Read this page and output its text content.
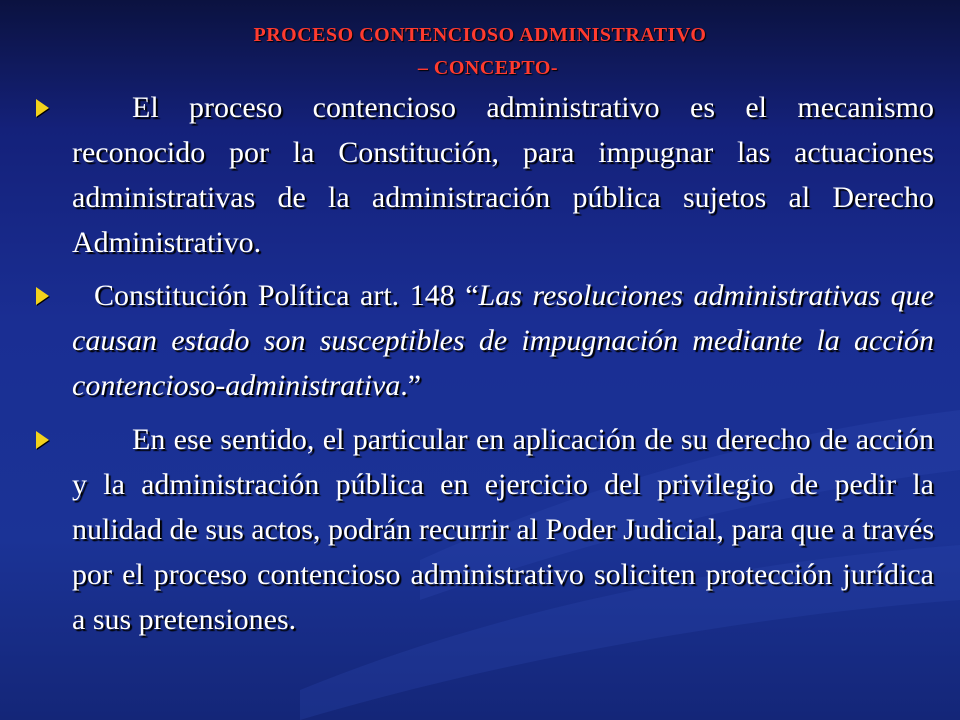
PROCESO CONTENCIOSO ADMINISTRATIVO
– CONCEPTO-
El proceso contencioso administrativo es el mecanismo reconocido por la Constitución, para impugnar las actuaciones administrativas de la administración pública sujetos al Derecho Administrativo.
Constitución Política art. 148 “Las resoluciones administrativas que causan estado son susceptibles de impugnación mediante la acción contencioso-administrativa.”
En ese sentido, el particular en aplicación de su derecho de acción y la administración pública en ejercicio del privilegio de pedir la nulidad de sus actos, podrán recurrir al Poder Judicial, para que a través por el proceso contencioso administrativo soliciten protección jurídica a sus pretensiones.
